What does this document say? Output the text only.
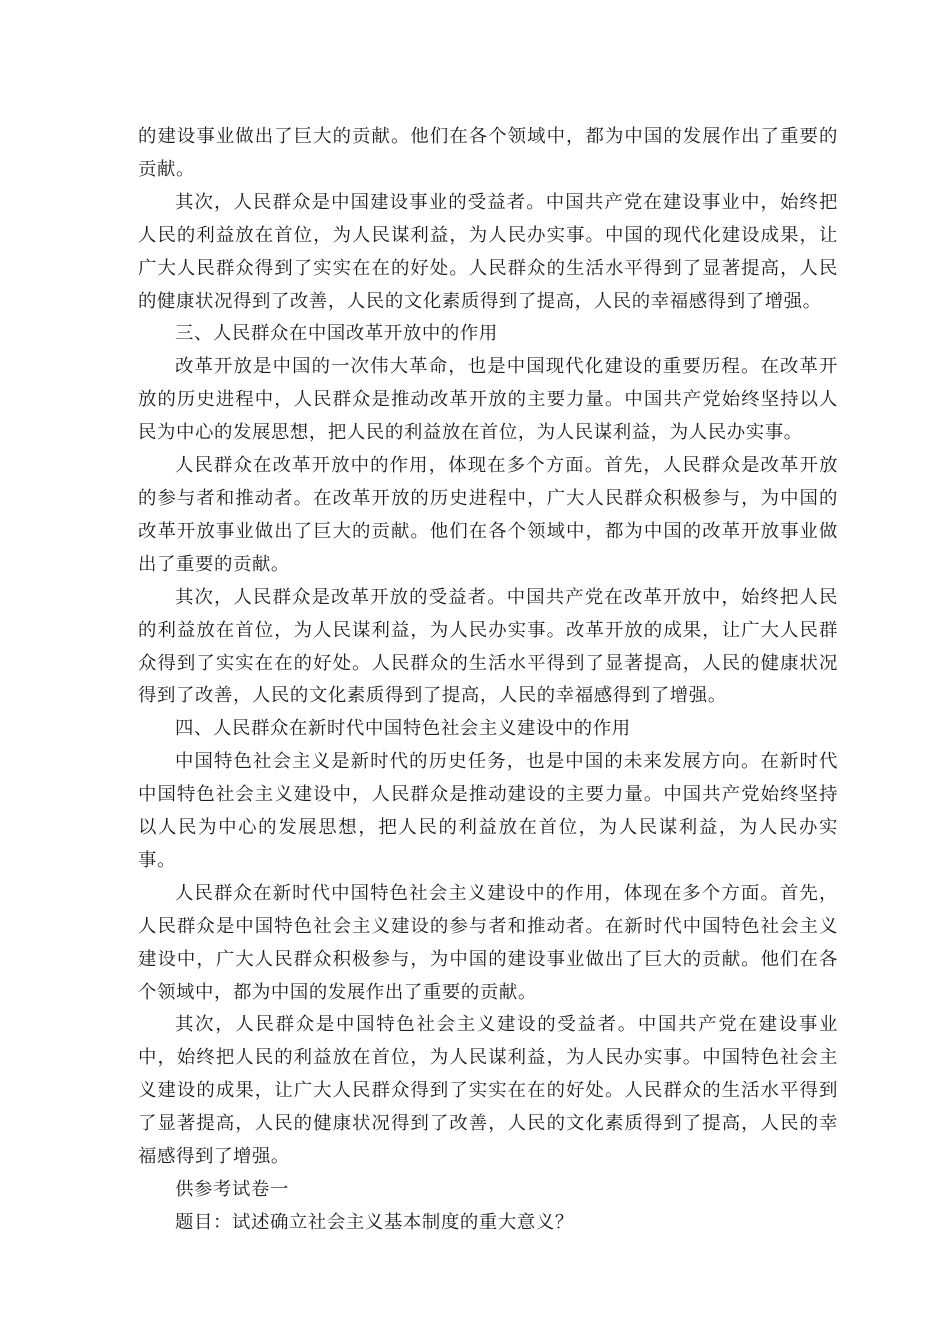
的建设事业做出了巨大的贡献。他们在各个领域中，都为中国的发展作出了重要的贡献。

其次，人民群众是中国建设事业的受益者。中国共产党在建设事业中，始终把人民的利益放在首位，为人民谋利益，为人民办实事。中国的现代化建设成果，让广大人民群众得到了实实在在的好处。人民群众的生活水平得到了显著提高，人民的健康状况得到了改善，人民的文化素质得到了提高，人民的幸福感得到了增强。

三、人民群众在中国改革开放中的作用

改革开放是中国的一次伟大革命，也是中国现代化建设的重要历程。在改革开放的历史进程中，人民群众是推动改革开放的主要力量。中国共产党始终坚持以人民为中心的发展思想，把人民的利益放在首位，为人民谋利益，为人民办实事。

人民群众在改革开放中的作用，体现在多个方面。首先，人民群众是改革开放的参与者和推动者。在改革开放的历史进程中，广大人民群众积极参与，为中国的改革开放事业做出了巨大的贡献。他们在各个领域中，都为中国的改革开放事业做出了重要的贡献。

其次，人民群众是改革开放的受益者。中国共产党在改革开放中，始终把人民的利益放在首位，为人民谋利益，为人民办实事。改革开放的成果，让广大人民群众得到了实实在在的好处。人民群众的生活水平得到了显著提高，人民的健康状况得到了改善，人民的文化素质得到了提高，人民的幸福感得到了增强。

四、人民群众在新时代中国特色社会主义建设中的作用

中国特色社会主义是新时代的历史任务，也是中国的未来发展方向。在新时代中国特色社会主义建设中，人民群众是推动建设的主要力量。中国共产党始终坚持以人民为中心的发展思想，把人民的利益放在首位，为人民谋利益，为人民办实事。

人民群众在新时代中国特色社会主义建设中的作用，体现在多个方面。首先，人民群众是中国特色社会主义建设的参与者和推动者。在新时代中国特色社会主义建设中，广大人民群众积极参与，为中国的建设事业做出了巨大的贡献。他们在各个领域中，都为中国的发展作出了重要的贡献。

其次，人民群众是中国特色社会主义建设的受益者。中国共产党在建设事业中，始终把人民的利益放在首位，为人民谋利益，为人民办实事。中国特色社会主义建设的成果，让广大人民群众得到了实实在在的好处。人民群众的生活水平得到了显著提高，人民的健康状况得到了改善，人民的文化素质得到了提高，人民的幸福感得到了增强。

供参考试卷一

题目：试述确立社会主义基本制度的重大意义？
